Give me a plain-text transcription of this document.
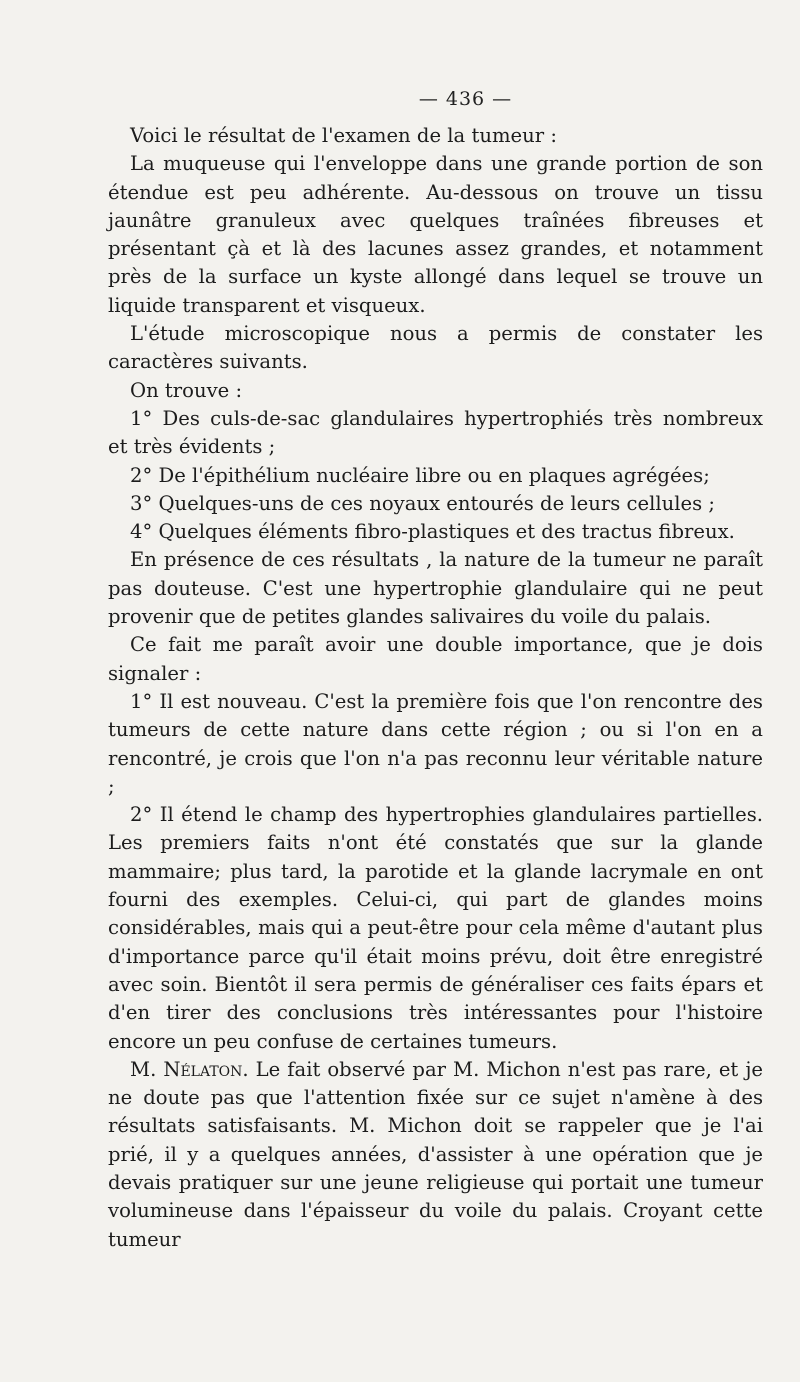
— 436 —

Voici le résultat de l'examen de la tumeur :

La muqueuse qui l'enveloppe dans une grande portion de son étendue est peu adhérente. Au-dessous on trouve un tissu jaunâtre granuleux avec quelques traînées fibreuses et présentant çà et là des lacunes assez grandes, et notamment près de la surface un kyste allongé dans lequel se trouve un liquide transparent et visqueux.

L'étude microscopique nous a permis de constater les caractères suivants.

On trouve :

1° Des culs-de-sac glandulaires hypertrophiés très nombreux et très évidents ;

2° De l'épithélium nucléaire libre ou en plaques agrégées;

3° Quelques-uns de ces noyaux entourés de leurs cellules ;

4° Quelques éléments fibro-plastiques et des tractus fibreux.

En présence de ces résultats , la nature de la tumeur ne paraît pas douteuse. C'est une hypertrophie glandulaire qui ne peut provenir que de petites glandes salivaires du voile du palais.

Ce fait me paraît avoir une double importance, que je dois signaler :

1° Il est nouveau. C'est la première fois que l'on rencontre des tumeurs de cette nature dans cette région ; ou si l'on en a rencontré, je crois que l'on n'a pas reconnu leur véritable nature ;

2° Il étend le champ des hypertrophies glandulaires partielles. Les premiers faits n'ont été constatés que sur la glande mammaire; plus tard, la parotide et la glande lacrymale en ont fourni des exemples. Celui-ci, qui part de glandes moins considérables, mais qui a peut-être pour cela même d'autant plus d'importance parce qu'il était moins prévu, doit être enregistré avec soin. Bientôt il sera permis de généraliser ces faits épars et d'en tirer des conclusions très intéressantes pour l'histoire encore un peu confuse de certaines tumeurs.

M. Nélaton. Le fait observé par M. Michon n'est pas rare, et je ne doute pas que l'attention fixée sur ce sujet n'amène à des résultats satisfaisants. M. Michon doit se rappeler que je l'ai prié, il y a quelques années, d'assister à une opération que je devais pratiquer sur une jeune religieuse qui portait une tumeur volumineuse dans l'épaisseur du voile du palais. Croyant cette tumeur
